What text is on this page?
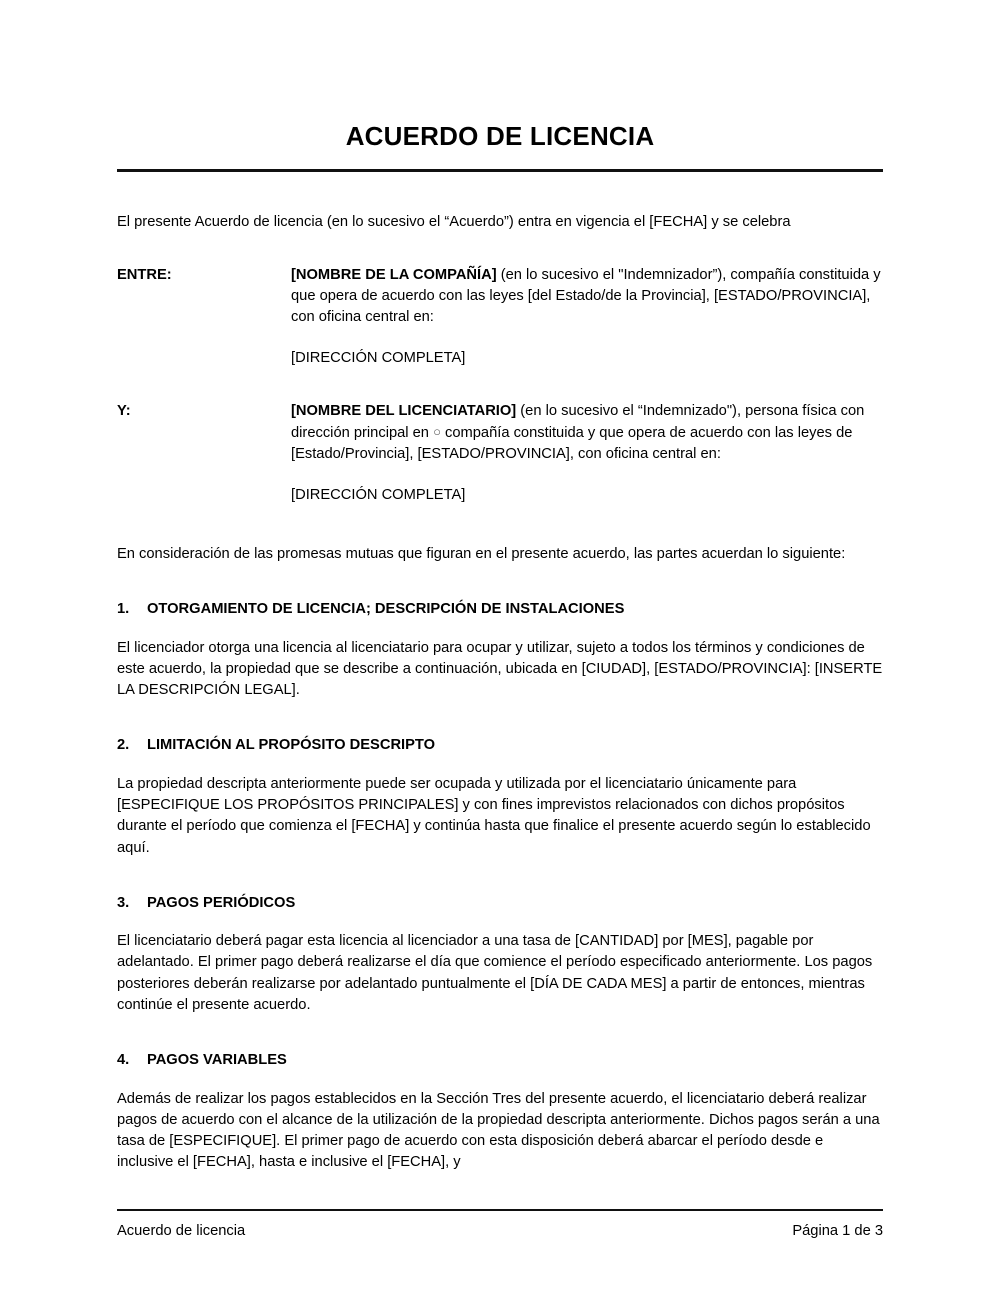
ACUERDO DE LICENCIA

El presente Acuerdo de licencia (en lo sucesivo el “Acuerdo”) entra en vigencia el [FECHA] y se celebra

ENTRE:	[NOMBRE DE LA COMPAÑÍA] (en lo sucesivo el "Indemnizador”), compañía constituida y que opera de acuerdo con las leyes [del Estado/de la Provincia], [ESTADO/PROVINCIA], con oficina central en:
[DIRECCIÓN COMPLETA]
Y:	[NOMBRE DEL LICENCIATARIO] (en lo sucesivo el “Indemnizado"), persona física con dirección principal en ○ compañía constituida y que opera de acuerdo con las leyes de [Estado/Provincia], [ESTADO/PROVINCIA], con oficina central en:
[DIRECCIÓN COMPLETA]

En consideración de las promesas mutuas que figuran en el presente acuerdo, las partes acuerdan lo siguiente:

1.	OTORGAMIENTO DE LICENCIA; DESCRIPCIÓN DE INSTALACIONES

El licenciador otorga una licencia al licenciatario para ocupar y utilizar, sujeto a todos los términos y condiciones de este acuerdo, la propiedad que se describe a continuación, ubicada en [CIUDAD], [ESTADO/PROVINCIA]: [INSERTE LA DESCRIPCIÓN LEGAL].

2.	LIMITACIÓN AL PROPÓSITO DESCRIPTO

La propiedad descripta anteriormente puede ser ocupada y utilizada por el licenciatario únicamente para [ESPECIFIQUE LOS PROPÓSITOS PRINCIPALES] y con fines imprevistos relacionados con dichos propósitos durante el período que comienza el [FECHA] y continúa hasta que finalice el presente acuerdo según lo establecido aquí.

3.	PAGOS PERIÓDICOS

El licenciatario deberá pagar esta licencia al licenciador a una tasa de [CANTIDAD] por [MES], pagable por adelantado. El primer pago deberá realizarse el día que comience el período especificado anteriormente. Los pagos posteriores deberán realizarse por adelantado puntualmente el [DÍA DE CADA MES] a partir de entonces, mientras continúe el presente acuerdo.

4.	PAGOS VARIABLES

Además de realizar los pagos establecidos en la Sección Tres del presente acuerdo, el licenciatario deberá realizar pagos de acuerdo con el alcance de la utilización de la propiedad descripta anteriormente. Dichos pagos serán a una tasa de [ESPECIFIQUE]. El primer pago de acuerdo con esta disposición deberá abarcar el período desde e inclusive el [FECHA], hasta e inclusive el [FECHA], y

Acuerdo de licencia	Página 1 de 3
